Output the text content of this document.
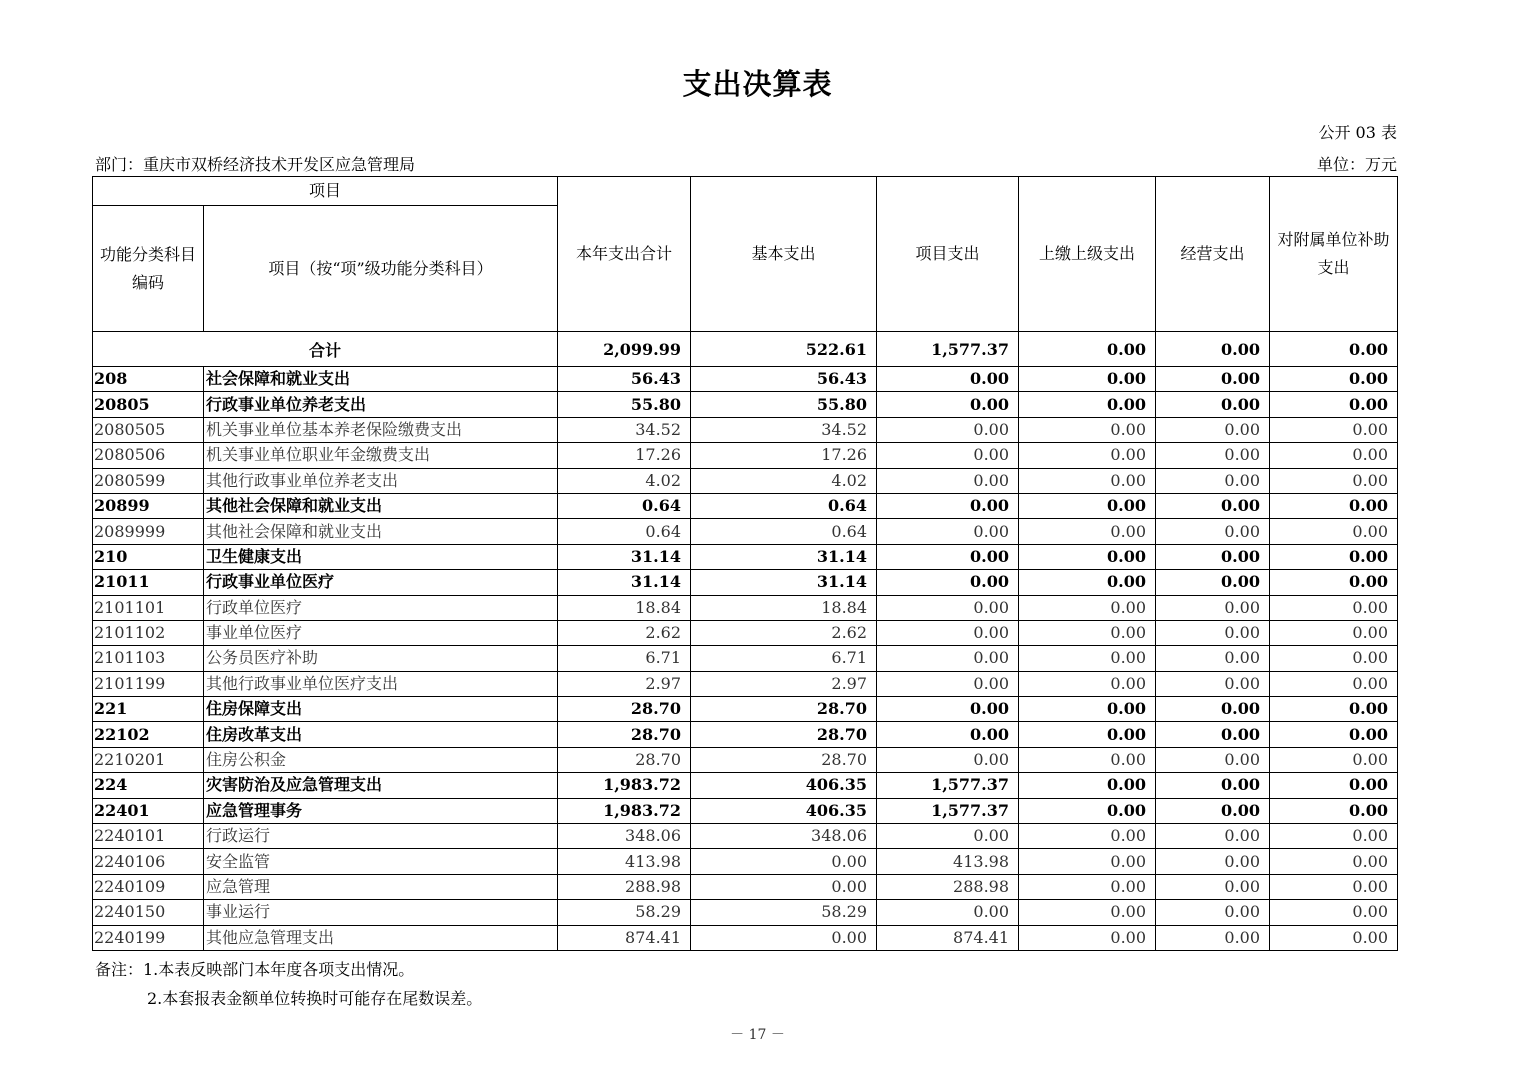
支出决算表
公开 03 表
部门：重庆市双桥经济技术开发区应急管理局	单位：万元
项目		本年支出合计	基本支出	项目支出	上缴上级支出	经营支出	对附属单位补助支出
功能分类科目编码	项目（按“项”级功能分类科目）						
合计		2,099.99	522.61	1,577.37	0.00	0.00	0.00
208	社会保障和就业支出	56.43	56.43	0.00	0.00	0.00	0.00
20805	行政事业单位养老支出	55.80	55.80	0.00	0.00	0.00	0.00
2080505	机关事业单位基本养老保险缴费支出	34.52	34.52	0.00	0.00	0.00	0.00
2080506	机关事业单位职业年金缴费支出	17.26	17.26	0.00	0.00	0.00	0.00
2080599	其他行政事业单位养老支出	4.02	4.02	0.00	0.00	0.00	0.00
20899	其他社会保障和就业支出	0.64	0.64	0.00	0.00	0.00	0.00
2089999	其他社会保障和就业支出	0.64	0.64	0.00	0.00	0.00	0.00
210	卫生健康支出	31.14	31.14	0.00	0.00	0.00	0.00
21011	行政事业单位医疗	31.14	31.14	0.00	0.00	0.00	0.00
2101101	行政单位医疗	18.84	18.84	0.00	0.00	0.00	0.00
2101102	事业单位医疗	2.62	2.62	0.00	0.00	0.00	0.00
2101103	公务员医疗补助	6.71	6.71	0.00	0.00	0.00	0.00
2101199	其他行政事业单位医疗支出	2.97	2.97	0.00	0.00	0.00	0.00
221	住房保障支出	28.70	28.70	0.00	0.00	0.00	0.00
22102	住房改革支出	28.70	28.70	0.00	0.00	0.00	0.00
2210201	住房公积金	28.70	28.70	0.00	0.00	0.00	0.00
224	灾害防治及应急管理支出	1,983.72	406.35	1,577.37	0.00	0.00	0.00
22401	应急管理事务	1,983.72	406.35	1,577.37	0.00	0.00	0.00
2240101	行政运行	348.06	348.06	0.00	0.00	0.00	0.00
2240106	安全监管	413.98	0.00	413.98	0.00	0.00	0.00
2240109	应急管理	288.98	0.00	288.98	0.00	0.00	0.00
2240150	事业运行	58.29	58.29	0.00	0.00	0.00	0.00
2240199	其他应急管理支出	874.41	0.00	874.41	0.00	0.00	0.00
备注：1.本表反映部门本年度各项支出情况。
2.本套报表金额单位转换时可能存在尾数误差。
－ 17 －
